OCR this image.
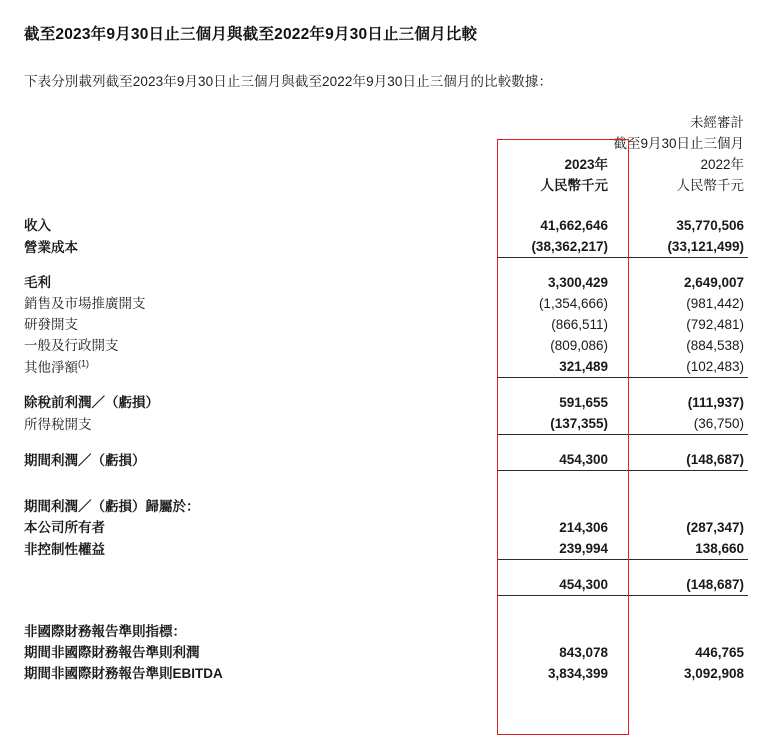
截至2023年9月30日止三個月與截至2022年9月30日止三個月比較
下表分別載列截至2023年9月30日止三個月與截至2022年9月30日止三個月的比較數據：
	未經審計	
	截至9月30日止三個月	
	2023年	2022年
	人民幣千元	人民幣千元

收入	41,662,646	35,770,506
營業成本	(38,362,217)	(33,121,499)

毛利	3,300,429	2,649,007
銷售及市場推廣開支	(1,354,666)	(981,442)
研發開支	(866,511)	(792,481)
一般及行政開支	(809,086)	(884,538)
其他淨額$^{(1)}$	321,489	(102,483)

除稅前利潤／（虧損）	591,655	(111,937)
所得稅開支	(137,355)	(36,750)

期間利潤／（虧損）	454,300	(148,687)

期間利潤／（虧損）歸屬於：		
本公司所有者	214,306	(287,347)
非控制性權益	239,994	138,660

	454,300	(148,687)

非國際財務報告準則指標：		
期間非國際財務報告準則利潤	843,078	446,765
期間非國際財務報告準則EBITDA	3,834,399	3,092,908
